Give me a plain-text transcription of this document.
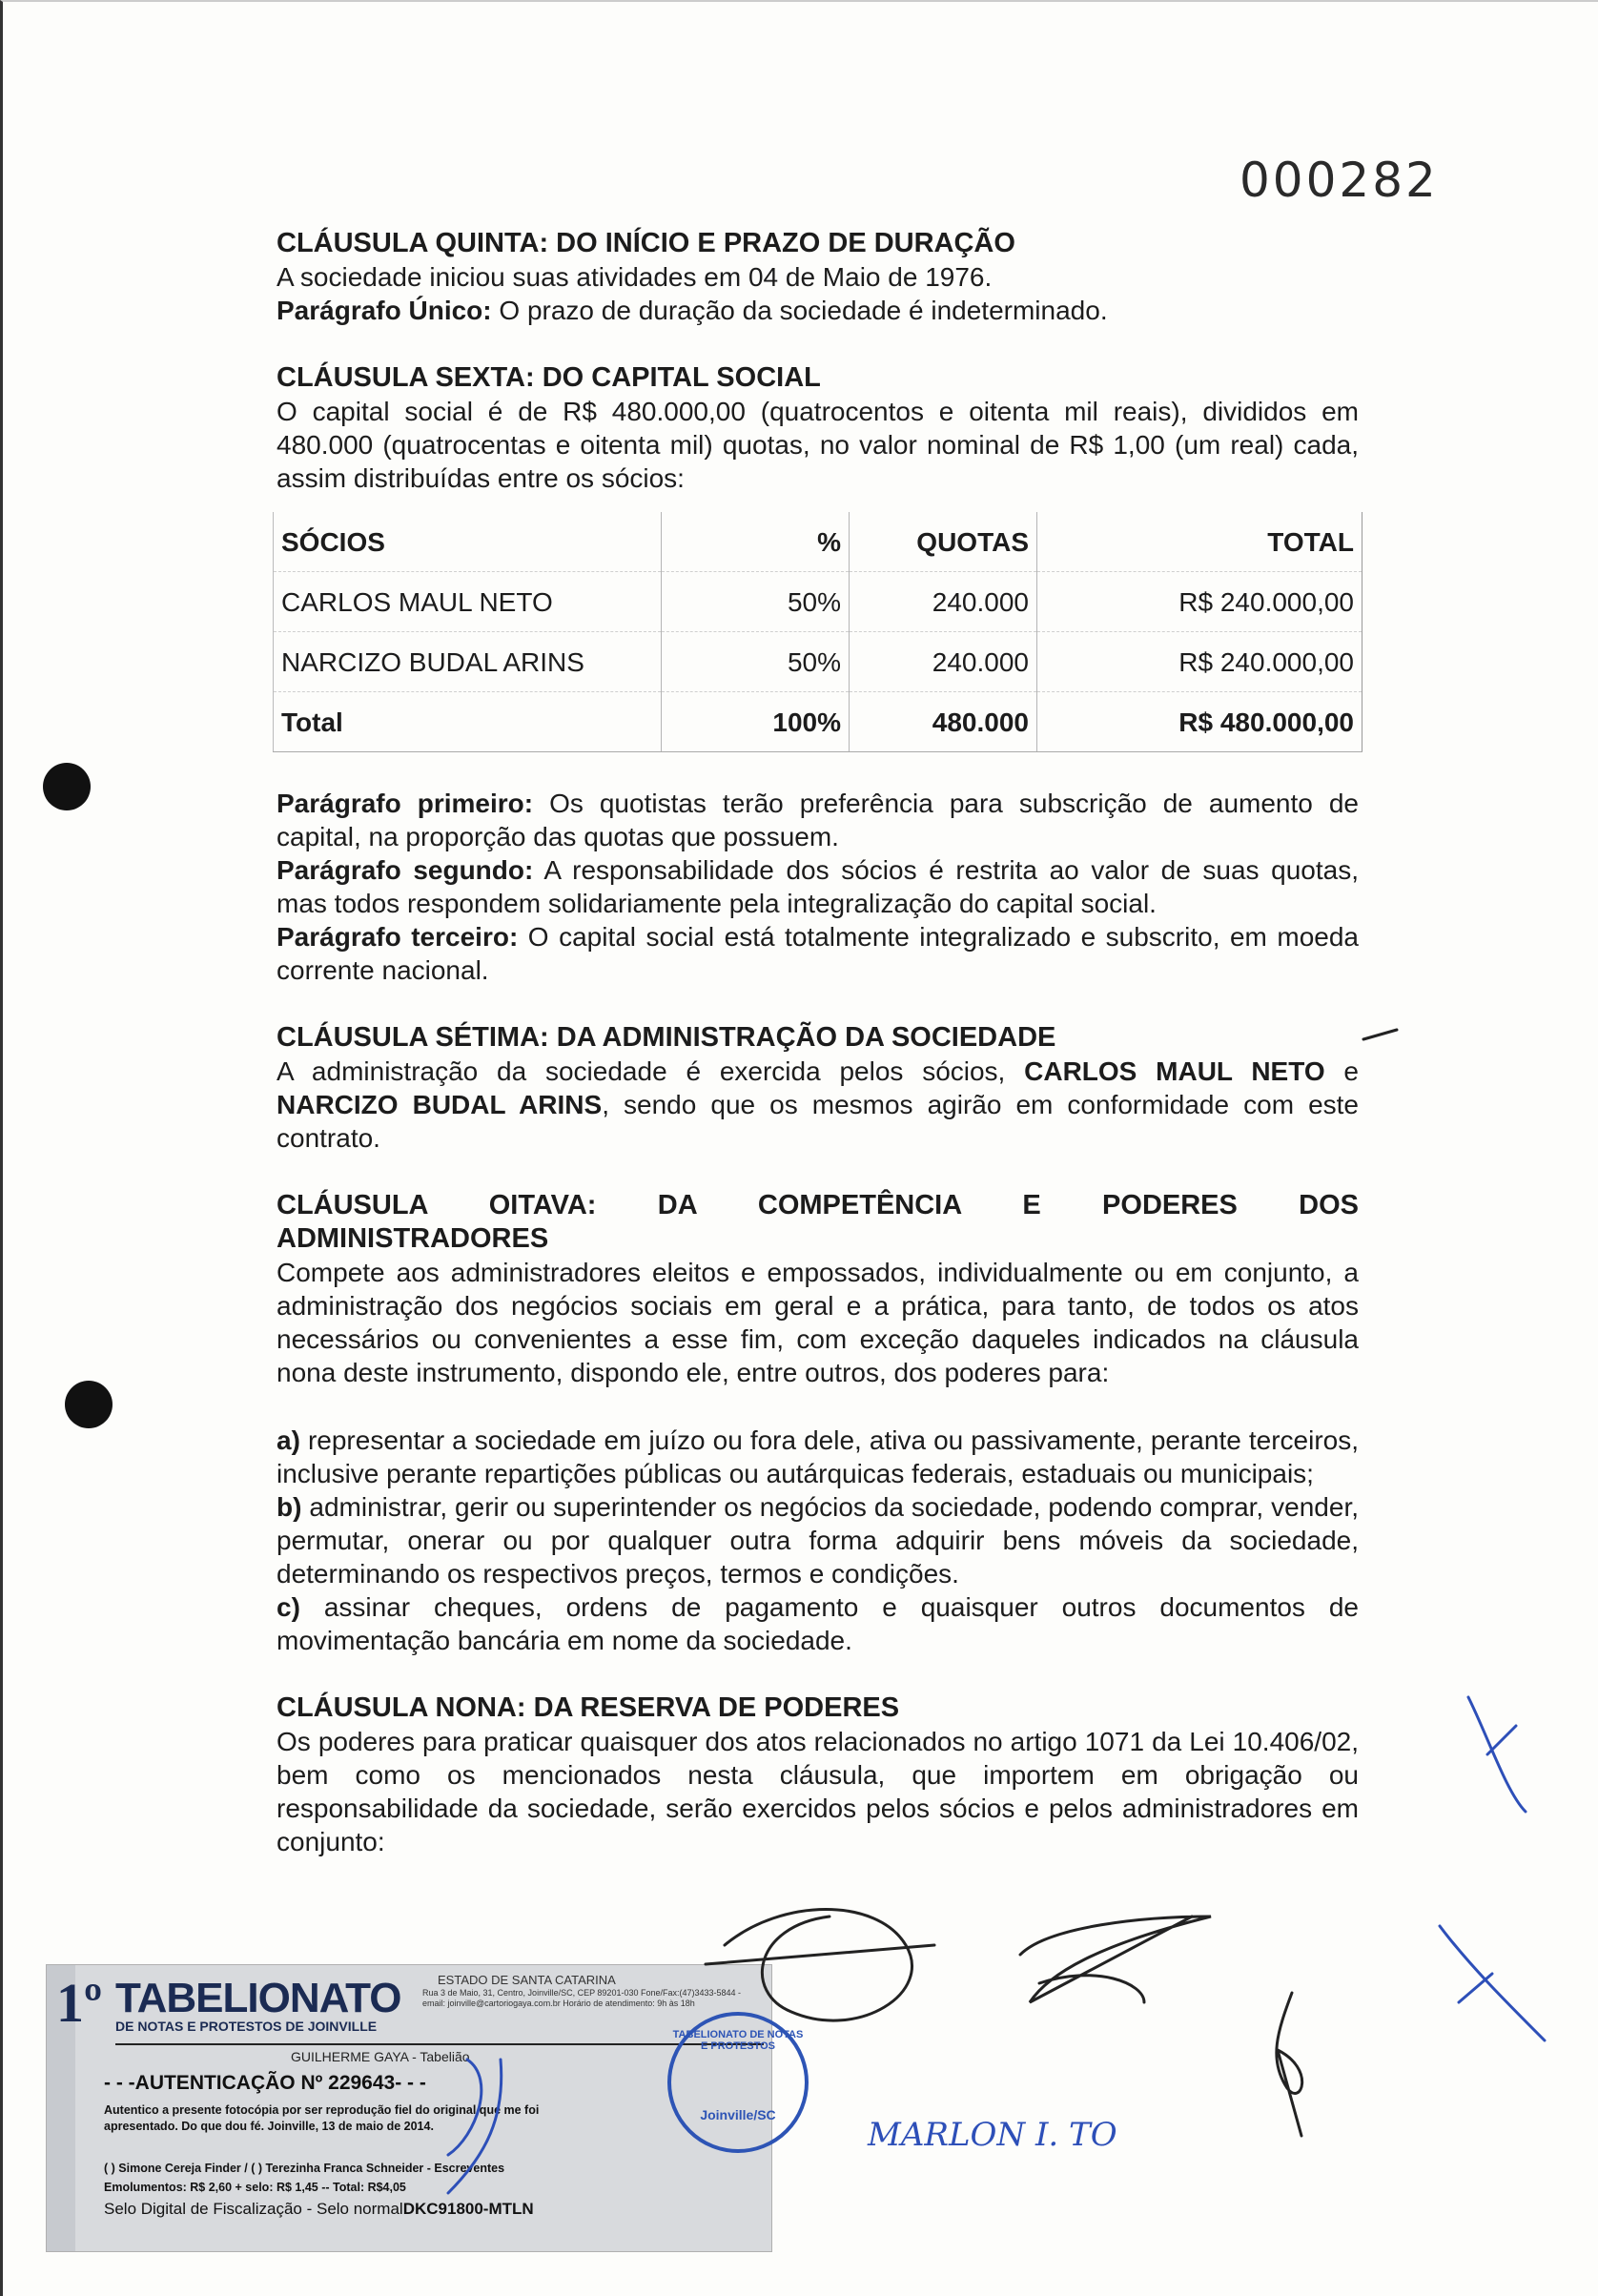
000282
CLÁUSULA QUINTA: DO INÍCIO E PRAZO DE DURAÇÃO

A sociedade iniciou suas atividades em 04 de Maio de 1976.

Parágrafo Único: O prazo de duração da sociedade é indeterminado.

CLÁUSULA SEXTA: DO CAPITAL SOCIAL

O capital social é de R$ 480.000,00 (quatrocentos e oitenta mil reais), divididos em 480.000 (quatrocentas e oitenta mil) quotas, no valor nominal de R$ 1,00 (um real) cada, assim distribuídas entre os sócios:

SÓCIOS	%	QUOTAS	TOTAL
CARLOS MAUL NETO	50%	240.000	R$ 240.000,00
NARCIZO BUDAL ARINS	50%	240.000	R$ 240.000,00
Total	100%	480.000	R$ 480.000,00

Parágrafo primeiro: Os quotistas terão preferência para subscrição de aumento de capital, na proporção das quotas que possuem.

Parágrafo segundo: A responsabilidade dos sócios é restrita ao valor de suas quotas, mas todos respondem solidariamente pela integralização do capital social.

Parágrafo terceiro: O capital social está totalmente integralizado e subscrito, em moeda corrente nacional.

CLÁUSULA SÉTIMA: DA ADMINISTRAÇÃO DA SOCIEDADE

A administração da sociedade é exercida pelos sócios, CARLOS MAUL NETO e NARCIZO BUDAL ARINS, sendo que os mesmos agirão em conformidade com este contrato.

CLÁUSULA OITAVA: DA COMPETÊNCIA E PODERES DOS ADMINISTRADORES

Compete aos administradores eleitos e empossados, individualmente ou em conjunto, a administração dos negócios sociais em geral e a prática, para tanto, de todos os atos necessários ou convenientes a esse fim, com exceção daqueles indicados na cláusula nona deste instrumento, dispondo ele, entre outros, dos poderes para:

a) representar a sociedade em juízo ou fora dele, ativa ou passivamente, perante terceiros, inclusive perante repartições públicas ou autárquicas federais, estaduais ou municipais;

b) administrar, gerir ou superintender os negócios da sociedade, podendo comprar, vender, permutar, onerar ou por qualquer outra forma adquirir bens móveis da sociedade, determinando os respectivos preços, termos e condições.

c) assinar cheques, ordens de pagamento e quaisquer outros documentos de movimentação bancária em nome da sociedade.

CLÁUSULA NONA: DA RESERVA DE PODERES

Os poderes para praticar quaisquer dos atos relacionados no artigo 1071 da Lei 10.406/02, bem como os mencionados nesta cláusula, que importem em obrigação ou responsabilidade da sociedade, serão exercidos pelos sócios e pelos administradores em conjunto:

1º TABELIONATO
DE NOTAS E PROTESTOS DE JOINVILLE
ESTADO DE SANTA CATARINA
Rua 3 de Maio, 31, Centro, Joinville/SC, CEP 89201-030 Fone/Fax:(47)3433-5844 - email: joinville@cartoriogaya.com.br Horário de atendimento: 9h às 18h
GUILHERME GAYA - Tabelião
- - -AUTENTICAÇÃO Nº 229643- - -
Autentico a presente fotocópia por ser reprodução fiel do original que me foi apresentado. Do que dou fé. Joinville, 13 de maio de 2014.
( ) Simone Cereja Finder / ( ) Terezinha Franca Schneider - Escreventes
Emolumentos: R$ 2,60 + selo: R$ 1,45 -- Total: R$4,05
Selo Digital de Fiscalização - Selo normalDKC91800-MTLN
TABELIONATO DE NOTAS E PROTESTOS
Joinville/SC
MARLON I. TO
